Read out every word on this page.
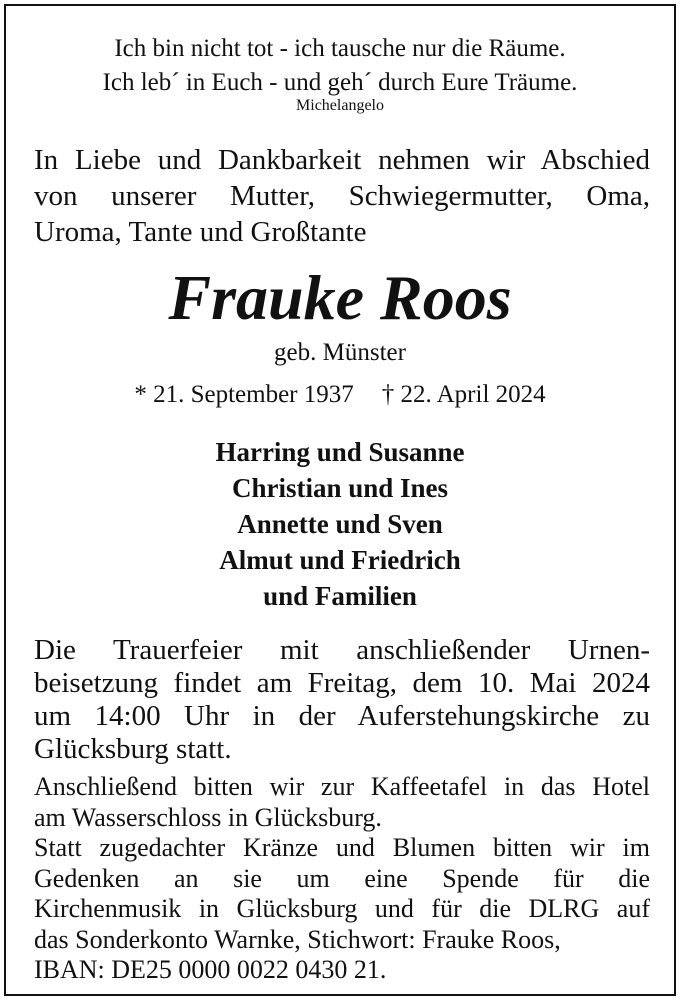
Ich bin nicht tot - ich tausche nur die Räume.
Ich leb´ in Euch - und geh´ durch Eure Träume.
Michelangelo
In Liebe und Dankbarkeit nehmen wir Abschied
von unserer Mutter, Schwiegermutter, Oma,
Uroma, Tante und Großtante
Frauke Roos
geb. Münster
* 21. September 1937 † 22. April 2024
Harring und Susanne
Christian und Ines
Annette und Sven
Almut und Friedrich
und Familien
Die Trauerfeier mit anschließender Urnen-
beisetzung findet am Freitag, dem 10. Mai 2024
um 14:00 Uhr in der Auferstehungskirche zu
Glücksburg statt.
Anschließend bitten wir zur Kaffeetafel in das Hotel
am Wasserschloss in Glücksburg.
Statt zugedachter Kränze und Blumen bitten wir im
Gedenken an sie um eine Spende für die
Kirchenmusik in Glücksburg und für die DLRG auf
das Sonderkonto Warnke, Stichwort: Frauke Roos,
IBAN: DE25 0000 0022 0430 21.
